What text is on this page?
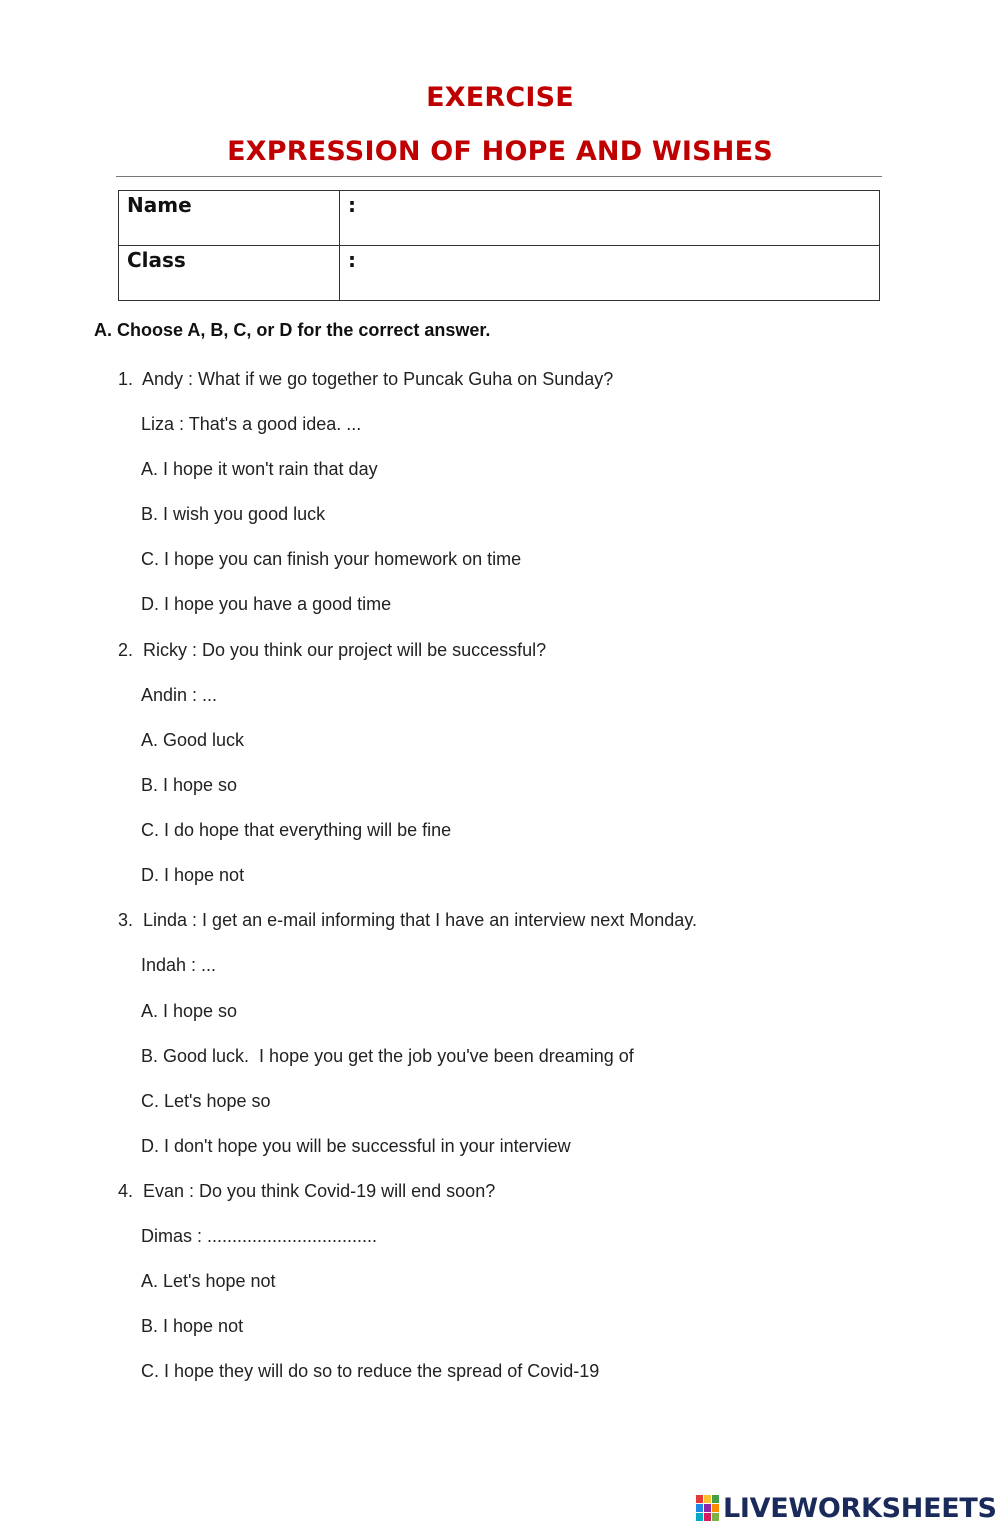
EXERCISE
EXPRESSION OF HOPE AND WISHES
Name	:
Class	:
A. Choose A, B, C, or D for the correct answer.
1.  Andy : What if we go together to Puncak Guha on Sunday?
Liza : That's a good idea. ...
A. I hope it won't rain that day
B. I wish you good luck
C. I hope you can finish your homework on time
D. I hope you have a good time
2.  Ricky : Do you think our project will be successful?
Andin : ...
A. Good luck
B. I hope so
C. I do hope that everything will be fine
D. I hope not
3.  Linda : I get an e-mail informing that I have an interview next Monday.
Indah : ...
A. I hope so
B. Good luck.  I hope you get the job you've been dreaming of
C. Let's hope so
D. I don't hope you will be successful in your interview
4.  Evan : Do you think Covid-19 will end soon?
Dimas : ..................................
A. Let's hope not
B. I hope not
C. I hope they will do so to reduce the spread of Covid-19
LIVEWORKSHEETS
